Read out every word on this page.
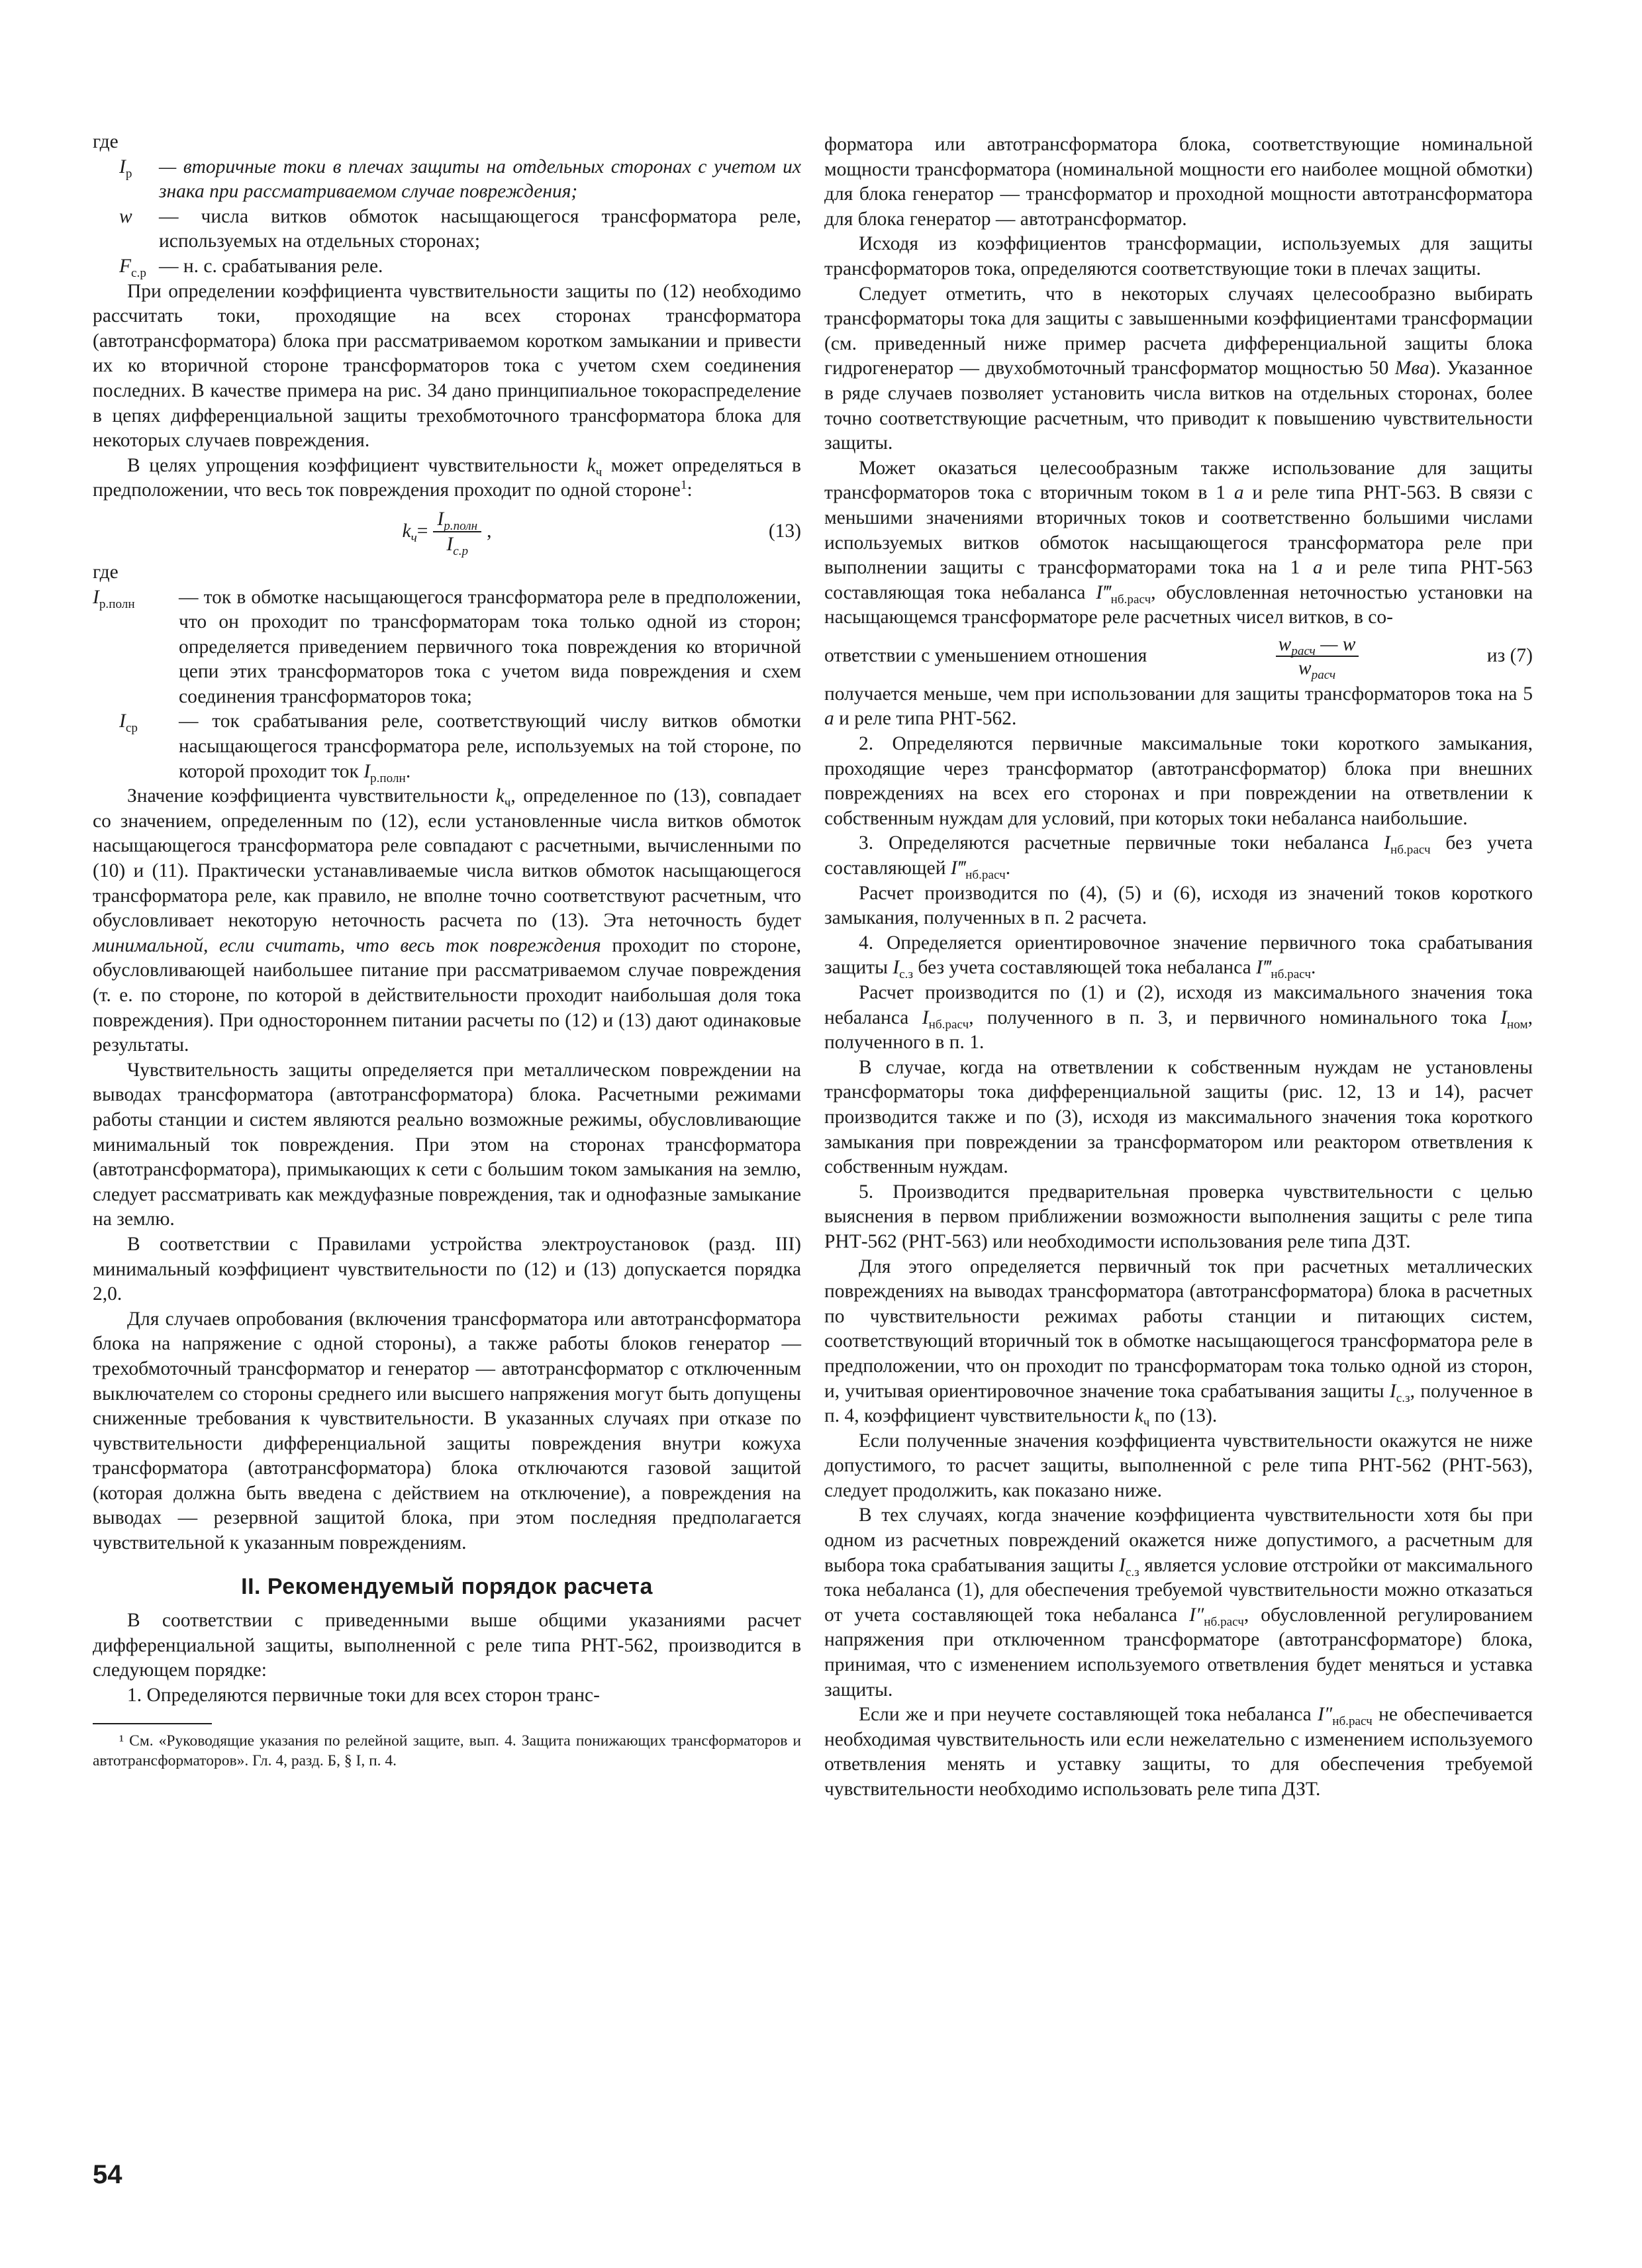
где

$I_р$	— вторичные токи в плечах защиты на отдельных сторонах с учетом их знака при рассматриваемом случае повреждения;
w	— числа витков обмоток насыщающегося трансформатора реле, используемых на отдельных сторонах;
$F_{с.р}$ — н. с. срабатывания реле.

При определении коэффициента чувствительности защиты по (12) необходимо рассчитать токи, проходящие на всех сторонах трансформатора (автотрансформатора) блока при рассматриваемом коротком замыкании и привести их ко вторичной стороне трансформаторов тока с учетом схем соединения последних. В качестве примера на рис. 34 дано принципиальное токораспределение в цепях дифференциальной защиты трехобмоточного трансформатора блока для некоторых случаев повреждения.

В целях упрощения коэффициент чувствительности $k_ч$ может определяться в предположении, что весь ток повреждения проходит по одной стороне$^1$:

$k_ч = \frac{I_{р.полн}}{I_{с.р}}$ ,	(13)

где

$I_{р.полн}$	— ток в обмотке насыщающегося трансформатора реле в предположении, что он проходит по трансформаторам тока только одной из сторон; определяется приведением первичного тока повреждения ко вторичной цепи этих трансформаторов тока с учетом вида повреждения и схем соединения трансформаторов тока;
$I_{ср}$	— ток срабатывания реле, соответствующий числу витков обмотки насыщающегося трансформатора реле, используемых на той стороне, по которой проходит ток $I_{р.полн}$.

Значение коэффициента чувствительности $k_ч$, определенное по (13), совпадает со значением, определенным по (12), если установленные числа витков обмоток насыщающегося трансформатора реле совпадают с расчетными, вычисленными по (10) и (11). Практически устанавливаемые числа витков обмоток насыщающегося трансформатора реле, как правило, не вполне точно соответствуют расчетным, что обусловливает некоторую неточность расчета по (13). Эта неточность будет минимальной, если считать, что весь ток повреждения проходит по стороне, обусловливающей наибольшее питание при рассматриваемом случае повреждения (т. е. по стороне, по которой в действительности проходит наибольшая доля тока повреждения). При одностороннем питании расчеты по (12) и (13) дают одинаковые результаты.

Чувствительность защиты определяется при металлическом повреждении на выводах трансформатора (автотрансформатора) блока. Расчетными режимами работы станции и систем являются реально возможные режимы, обусловливающие минимальный ток повреждения. При этом на сторонах трансформатора (автотрансформатора), примыкающих к сети с большим током замыкания на землю, следует рассматривать как междуфазные повреждения, так и однофазные замыкание на землю.

В соответствии с Правилами устройства электроустановок (разд. III) минимальный коэффициент чувствительности по (12) и (13) допускается порядка 2,0.

Для случаев опробования (включения трансформатора или автотрансформатора блока на напряжение с одной стороны), а также работы блоков генератор — трехобмоточный трансформатор и генератор — автотрансформатор с отключенным выключателем со стороны среднего или высшего напряжения могут быть допущены сниженные требования к чувствительности. В указанных случаях при отказе по чувствительности дифференциальной защиты повреждения внутри кожуха трансформатора (автотрансформатора) блока отключаются газовой защитой (которая должна быть введена с действием на отключение), а повреждения на выводах — резервной защитой блока, при этом последняя предполагается чувствительной к указанным повреждениям.

II. Рекомендуемый порядок расчета

В соответствии с приведенными выше общими указаниями расчет дифференциальной защиты, выполненной с реле типа РНТ-562, производится в следующем порядке:

1. Определяются первичные токи для всех сторон транс-

¹ См. «Руководящие указания по релейной защите, вып. 4. Защита понижающих трансформаторов и автотрансформаторов». Гл. 4, разд. Б, § I, п. 4.

форматора или автотрансформатора блока, соответствующие номинальной мощности трансформатора (номинальной мощности его наиболее мощной обмотки) для блока генератор — трансформатор и проходной мощности автотрансформатора для блока генератор — автотрансформатор.

Исходя из коэффициентов трансформации, используемых для защиты трансформаторов тока, определяются соответствующие токи в плечах защиты.

Следует отметить, что в некоторых случаях целесообразно выбирать трансформаторы тока для защиты с завышенными коэффициентами трансформации (см. приведенный ниже пример расчета дифференциальной защиты блока гидрогенератор — двухобмоточный трансформатор мощностью 50 Мва). Указанное в ряде случаев позволяет установить числа витков на отдельных сторонах, более точно соответствующие расчетным, что приводит к повышению чувствительности защиты.

Может оказаться целесообразным также использование для защиты трансформаторов тока с вторичным током в 1 а и реле типа РНТ-563. В связи с меньшими значениями вторичных токов и соответственно большими числами используемых витков обмоток насыщающегося трансформатора реле при выполнении защиты с трансформаторами тока на 1 а и реле типа РНТ-563 составляющая тока небаланса $I‴_{нб.расч}$, обусловленная неточностью установки на насыщающемся трансформаторе реле расчетных чисел витков, в со-

ответствии с уменьшением отношения	$\frac{w_{расч} — w}{w_{расч}}$	из (7)

получается меньше, чем при использовании для защиты трансформаторов тока на 5 а и реле типа РНТ-562.

2. Определяются первичные максимальные токи короткого замыкания, проходящие через трансформатор (автотрансформатор) блока при внешних повреждениях на всех его сторонах и при повреждении на ответвлении к собственным нуждам для условий, при которых токи небаланса наибольшие.

3. Определяются расчетные первичные токи небаланса $I_{нб.расч}$ без учета составляющей $I‴_{нб.расч}$.

Расчет производится по (4), (5) и (6), исходя из значений токов короткого замыкания, полученных в п. 2 расчета.

4. Определяется ориентировочное значение первичного тока срабатывания защиты $I_{с.з}$ без учета составляющей тока небаланса $I‴_{нб.расч}$.

Расчет производится по (1) и (2), исходя из максимального значения тока небаланса $I_{нб.расч}$, полученного в п. 3, и первичного номинального тока $I_{ном}$, полученного в п. 1.

В случае, когда на ответвлении к собственным нуждам не установлены трансформаторы тока дифференциальной защиты (рис. 12, 13 и 14), расчет производится также и по (3), исходя из максимального значения тока короткого замыкания при повреждении за трансформатором или реактором ответвления к собственным нуждам.

5. Производится предварительная проверка чувствительности с целью выяснения в первом приближении возможности выполнения защиты с реле типа РНТ-562 (РНТ-563) или необходимости использования реле типа ДЗТ.

Для этого определяется первичный ток при расчетных металлических повреждениях на выводах трансформатора (автотрансформатора) блока в расчетных по чувствительности режимах работы станции и питающих систем, соответствующий вторичный ток в обмотке насыщающегося трансформатора реле в предположении, что он проходит по трансформаторам тока только одной из сторон, и, учитывая ориентировочное значение тока срабатывания защиты $I_{с.з}$, полученное в п. 4, коэффициент чувствительности $k_ч$ по (13).

Если полученные значения коэффициента чувствительности окажутся не ниже допустимого, то расчет защиты, выполненной с реле типа РНТ-562 (РНТ-563), следует продолжить, как показано ниже.

В тех случаях, когда значение коэффициента чувствительности хотя бы при одном из расчетных повреждений окажется ниже допустимого, а расчетным для выбора тока срабатывания защиты $I_{с.з}$ является условие отстройки от максимального тока небаланса (1), для обеспечения требуемой чувствительности можно отказаться от учета составляющей тока небаланса $I''_{нб.расч}$, обусловленной регулированием напряжения при отключенном трансформаторе (автотрансформаторе) блока, принимая, что с изменением используемого ответвления будет меняться и уставка защиты.

Если же и при неучете составляющей тока небаланса $I''_{нб.расч}$ не обеспечивается необходимая чувствительность или если нежелательно с изменением используемого ответвления менять и уставку защиты, то для обеспечения требуемой чувствительности необходимо использовать реле типа ДЗТ.

54
